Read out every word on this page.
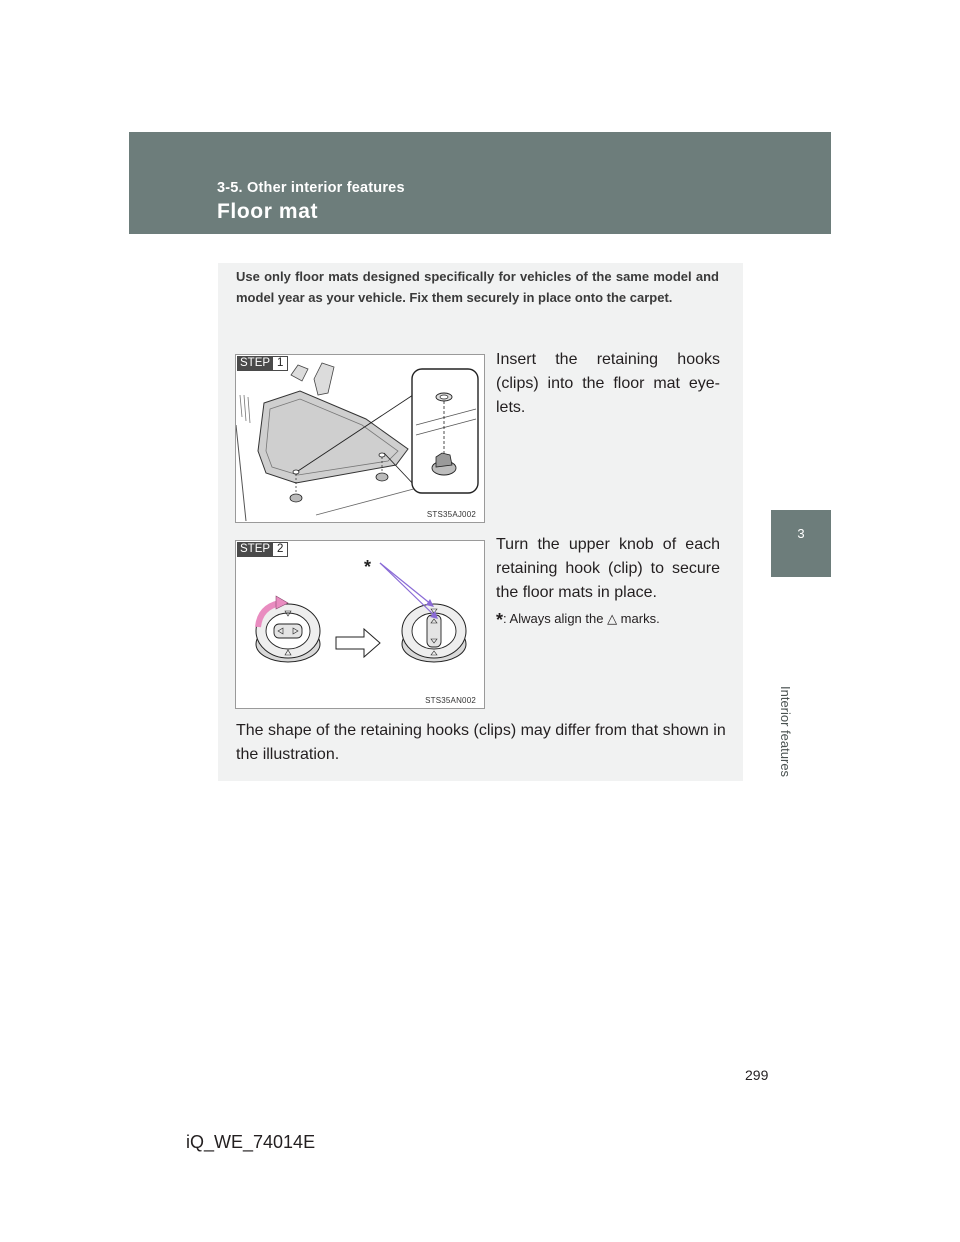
3-5. Other interior features
Floor mat
3
Interior features
Use only floor mats designed specifically for vehicles of the same model and model year as your vehicle. Fix them securely in place onto the carpet.
STEP 1
STS35AJ002
Insert the retaining hooks (clips) into the floor mat eye-lets.
*
STEP 2
STS35AN002
Turn the upper knob of each retaining hook (clip) to secure the floor mats in place.
*: Always align the △ marks.
The shape of the retaining hooks (clips) may differ from that shown in the illustration.
299
iQ_WE_74014E
